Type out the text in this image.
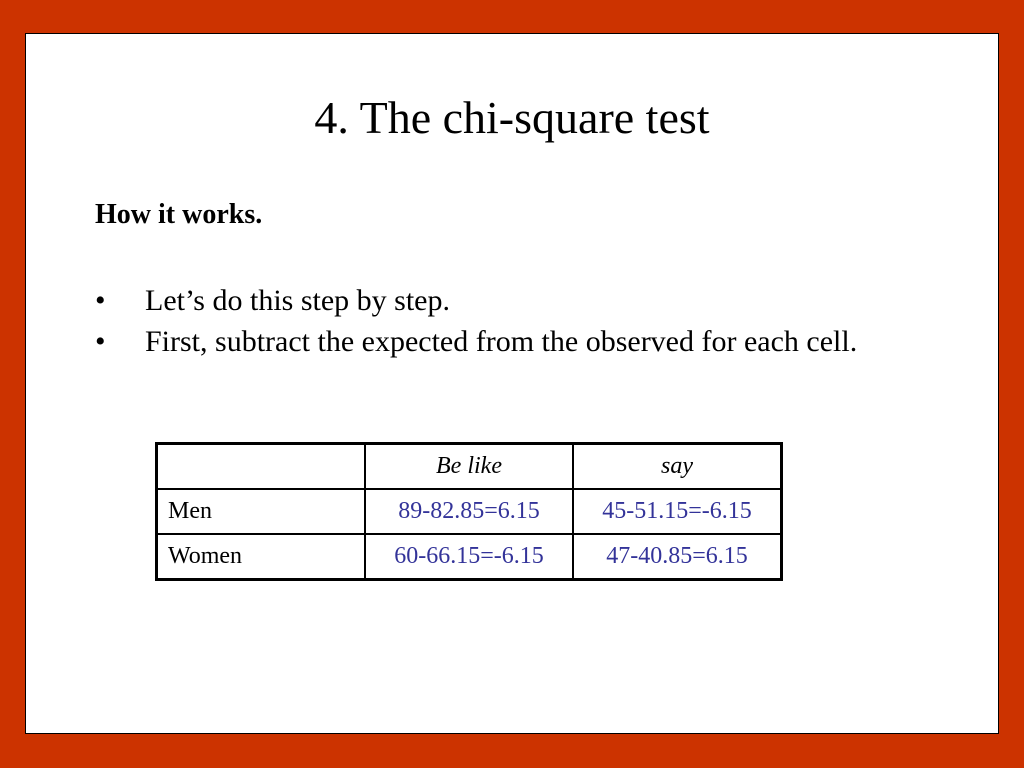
4. The chi-square test
How it works.
• Let’s do this step by step.
• First, subtract the expected from the observed for each cell.
	Be like	say
Men	89-82.85=6.15	45-51.15=-6.15
Women	60-66.15=-6.15	47-40.85=6.15
